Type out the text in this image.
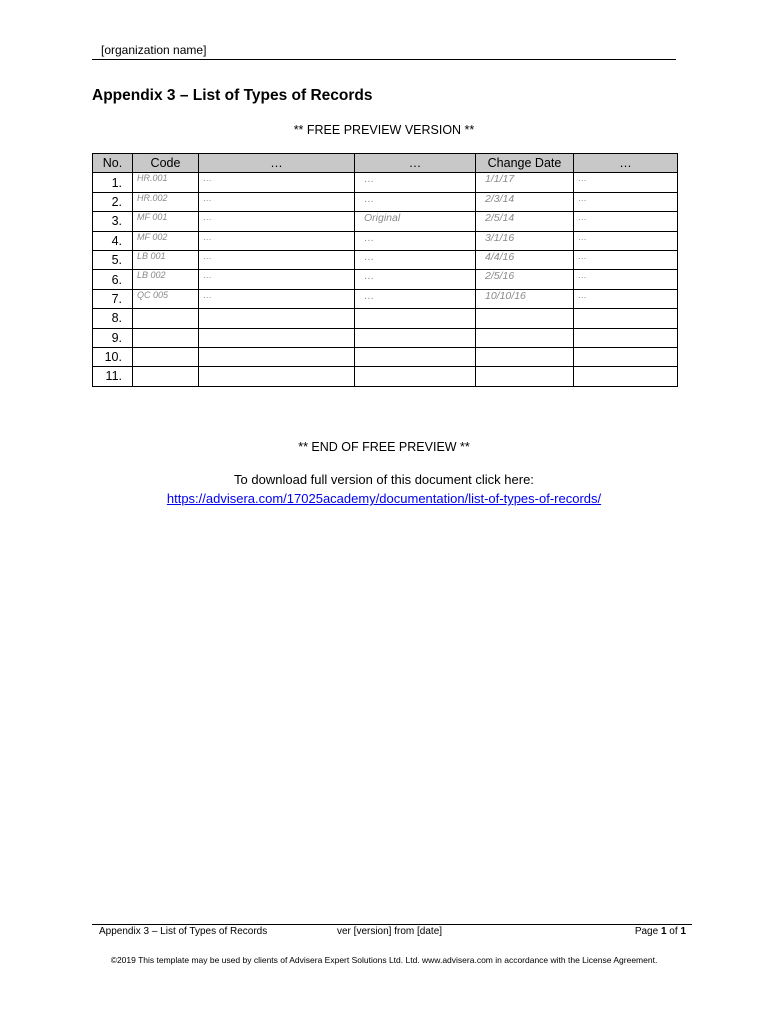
[organization name]
Appendix 3 – List of Types of Records
** FREE PREVIEW VERSION **
No.	Code	…	…	Change Date	…
1.	HR.001	…	…	1/1/17	…
2.	HR.002	…	…	2/3/14	…
3.	MF 001	…	Original	2/5/14	…
4.	MF 002	…	…	3/1/16	…
5.	LB 001	…	…	4/4/16	…
6.	LB 002	…	…	2/5/16	…
7.	QC 005	…	…	10/10/16	…
8.					
9.					
10.					
11.					
** END OF FREE PREVIEW **
To download full version of this document click here:
https://advisera.com/17025academy/documentation/list-of-types-of-records/
Appendix 3 – List of Types of Records	ver [version] from [date]	Page 1 of 1
©2019 This template may be used by clients of Advisera Expert Solutions Ltd. Ltd. www.advisera.com in accordance with the License Agreement.
